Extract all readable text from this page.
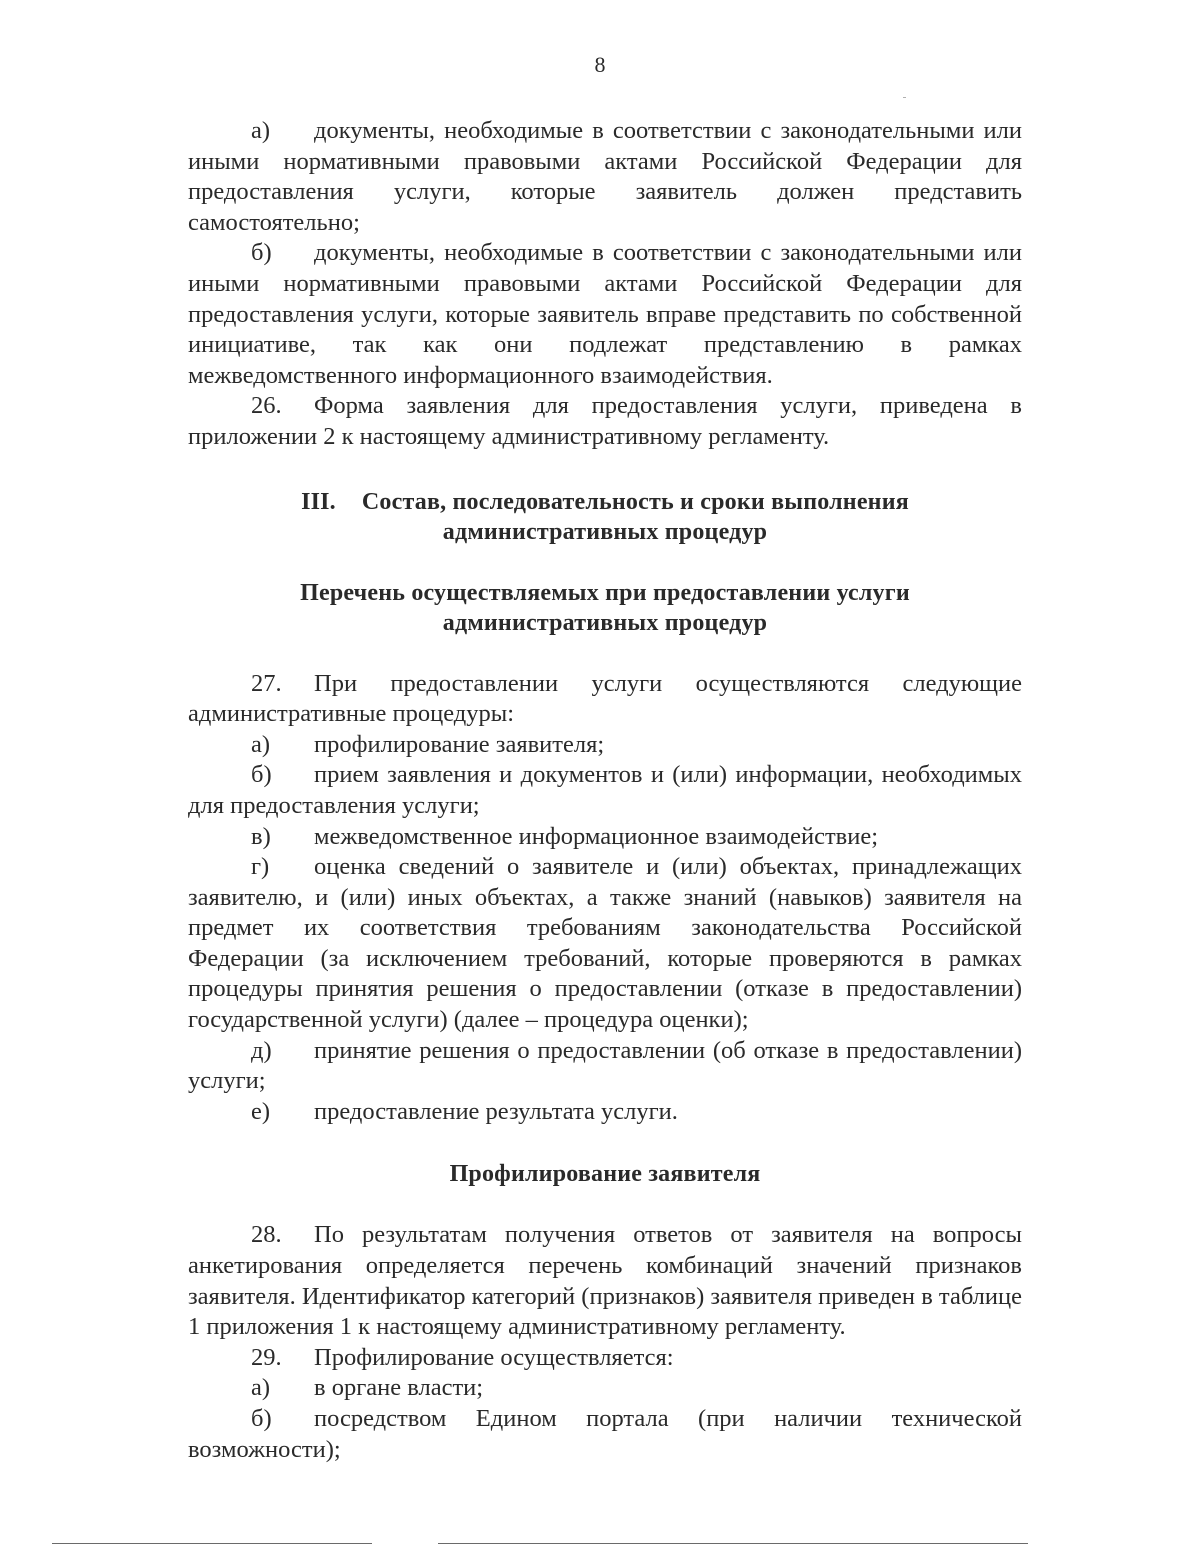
8

а) документы, необходимые в соответствии с законодательными или иными нормативными правовыми актами Российской Федерации для предоставления услуги, которые заявитель должен представить самостоятельно;

б) документы, необходимые в соответствии с законодательными или иными нормативными правовыми актами Российской Федерации для предоставления услуги, которые заявитель вправе представить по собственной инициативе, так как они подлежат представлению в рамках межведомственного информационного взаимодействия.

26. Форма заявления для предоставления услуги, приведена в приложении 2 к настоящему административному регламенту.

III. Состав, последовательность и сроки выполнения
административных процедур
Перечень осуществляемых при предоставлении услуги
административных процедур

27. При предоставлении услуги осуществляются следующие административные процедуры:

а) профилирование заявителя;

б) прием заявления и документов и (или) информации, необходимых для предоставления услуги;

в) межведомственное информационное взаимодействие;

г) оценка сведений о заявителе и (или) объектах, принадлежащих заявителю, и (или) иных объектах, а также знаний (навыков) заявителя на предмет их соответствия требованиям законодательства Российской Федерации (за исключением требований, которые проверяются в рамках процедуры принятия решения о предоставлении (отказе в предоставлении) государственной услуги) (далее – процедура оценки);

д) принятие решения о предоставлении (об отказе в предоставлении) услуги;

е) предоставление результата услуги.

Профилирование заявителя

28. По результатам получения ответов от заявителя на вопросы анкетирования определяется перечень комбинаций значений признаков заявителя. Идентификатор категорий (признаков) заявителя приведен в таблице 1 приложения 1 к настоящему административному регламенту.

29. Профилирование осуществляется:

а) в органе власти;

б) посредством Едином портала (при наличии технической возможности);
